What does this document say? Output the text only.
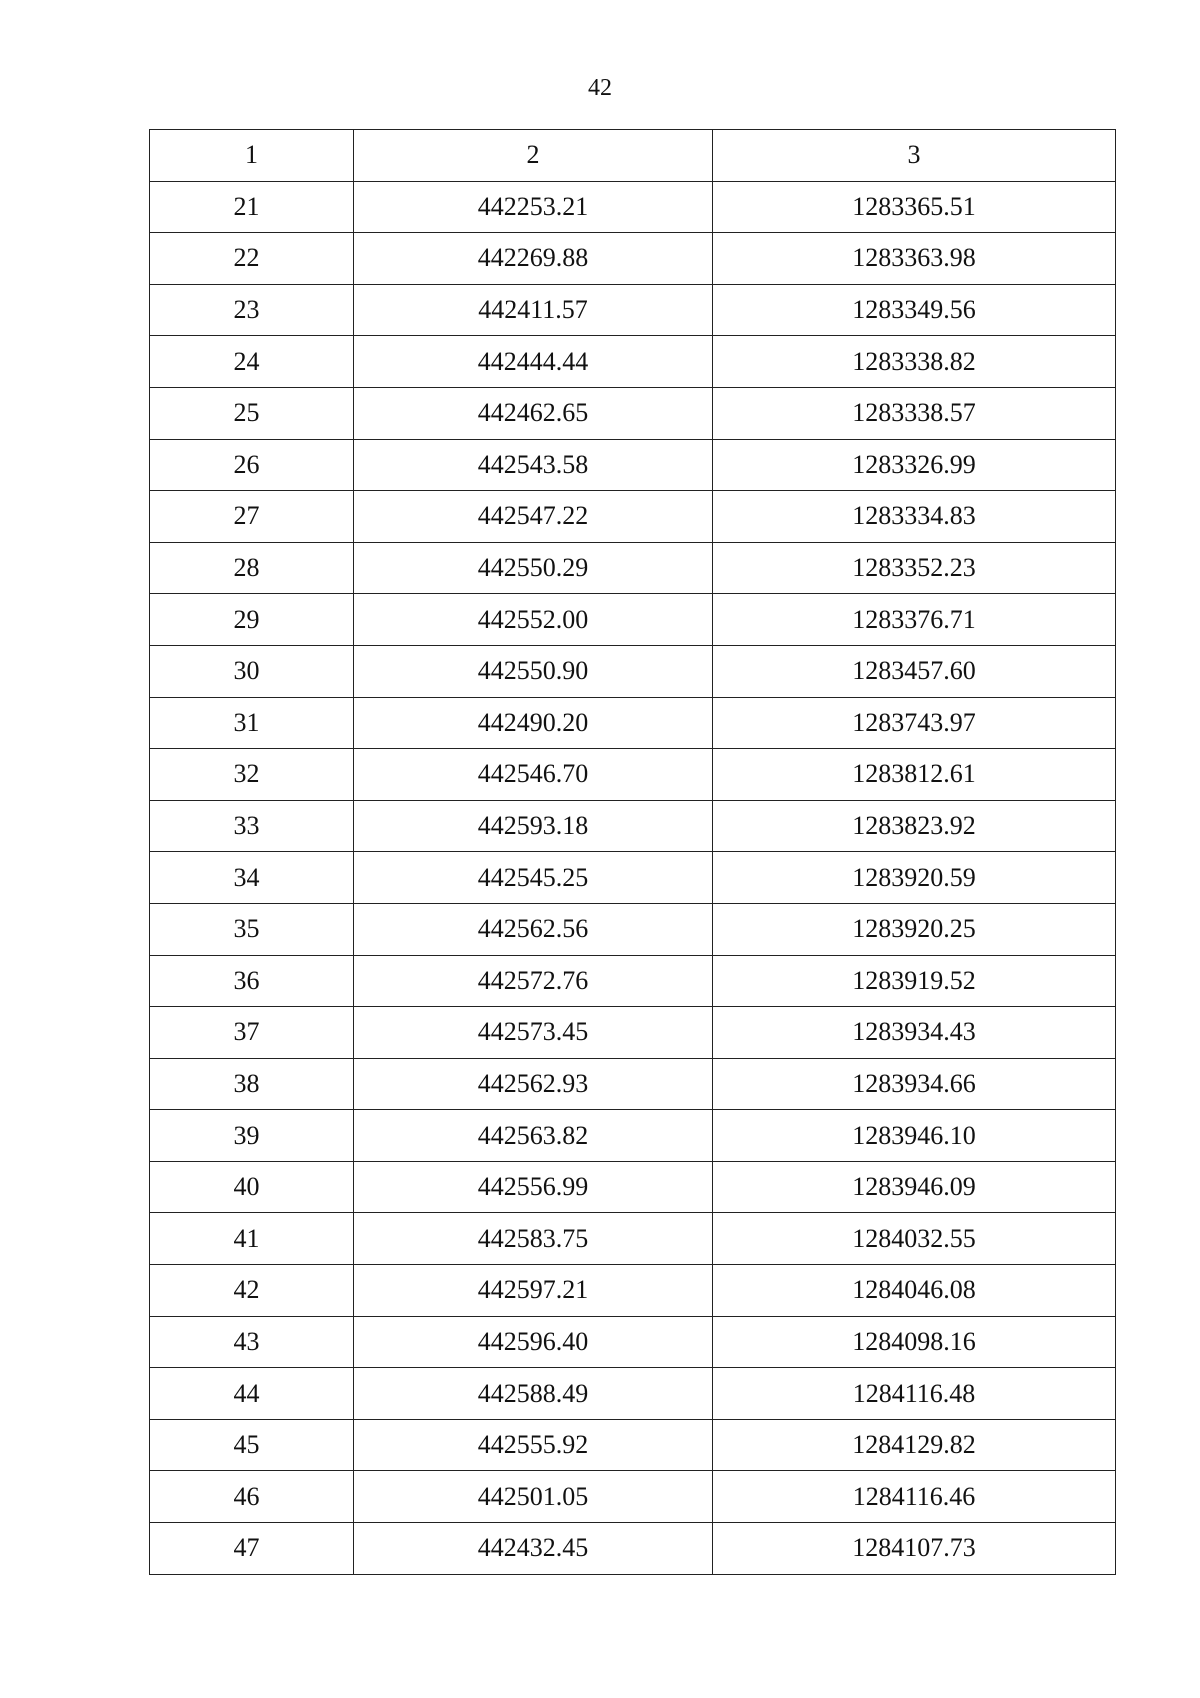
42
1	2	3
21	442253.21	1283365.51
22	442269.88	1283363.98
23	442411.57	1283349.56
24	442444.44	1283338.82
25	442462.65	1283338.57
26	442543.58	1283326.99
27	442547.22	1283334.83
28	442550.29	1283352.23
29	442552.00	1283376.71
30	442550.90	1283457.60
31	442490.20	1283743.97
32	442546.70	1283812.61
33	442593.18	1283823.92
34	442545.25	1283920.59
35	442562.56	1283920.25
36	442572.76	1283919.52
37	442573.45	1283934.43
38	442562.93	1283934.66
39	442563.82	1283946.10
40	442556.99	1283946.09
41	442583.75	1284032.55
42	442597.21	1284046.08
43	442596.40	1284098.16
44	442588.49	1284116.48
45	442555.92	1284129.82
46	442501.05	1284116.46
47	442432.45	1284107.73
